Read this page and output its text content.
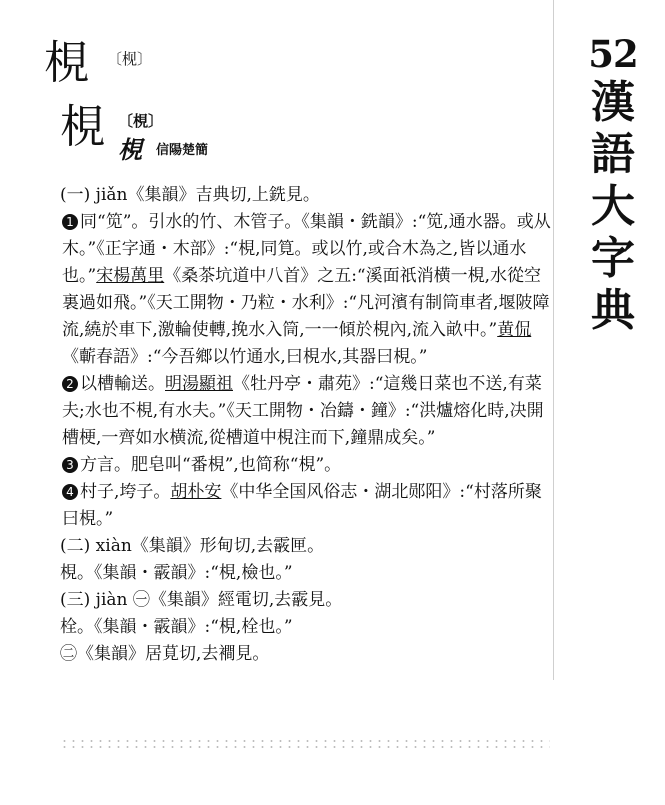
52
漢
語
大
字
典
梘 〔枧〕
梘 〔梘〕
梘 信陽楚簡

(一) jiǎn《集韻》吉典切,上銑見。

1 同“笕”。引水的竹、木管子。《集韻・銑韻》:“笕,通水器。或从木。”《正字通・木部》:“梘,同筧。或以竹,或合木為之,皆以通水也。”宋楊萬里《桑茶坑道中八首》之五:“溪面祇消横一梘,水從空裏過如飛。”《天工開物・乃粒・水利》:“凡河濱有制筒車者,堰陂障流,繞於車下,激輪使轉,挽水入筒,一一傾於梘內,流入畝中。”黄侃《蘄春語》:“今吾鄉以竹通水,曰梘水,其器曰梘。”

2 以槽輸送。明湯顯祖《牡丹亭・肅苑》:“這幾日菜也不送,有菜夫;水也不梘,有水夫。”《天工開物・冶鑄・鐘》:“洪爐熔化時,决開槽梗,一齊如水横流,從槽道中梘注而下,鐘鼎成矣。”

3 方言。肥皂叫“番梘”,也简称“梘”。

4 村子,垮子。胡朴安《中华全国风俗志・湖北郧阳》:“村落所聚曰梘。”

(二) xiàn《集韻》形甸切,去霰匣。

梘。《集韻・霰韻》:“梘,檢也。”

(三) jiàn ㊀《集韻》經電切,去霰見。

栓。《集韻・霰韻》:“梘,栓也。”

㊁《集韻》居莧切,去襇見。
